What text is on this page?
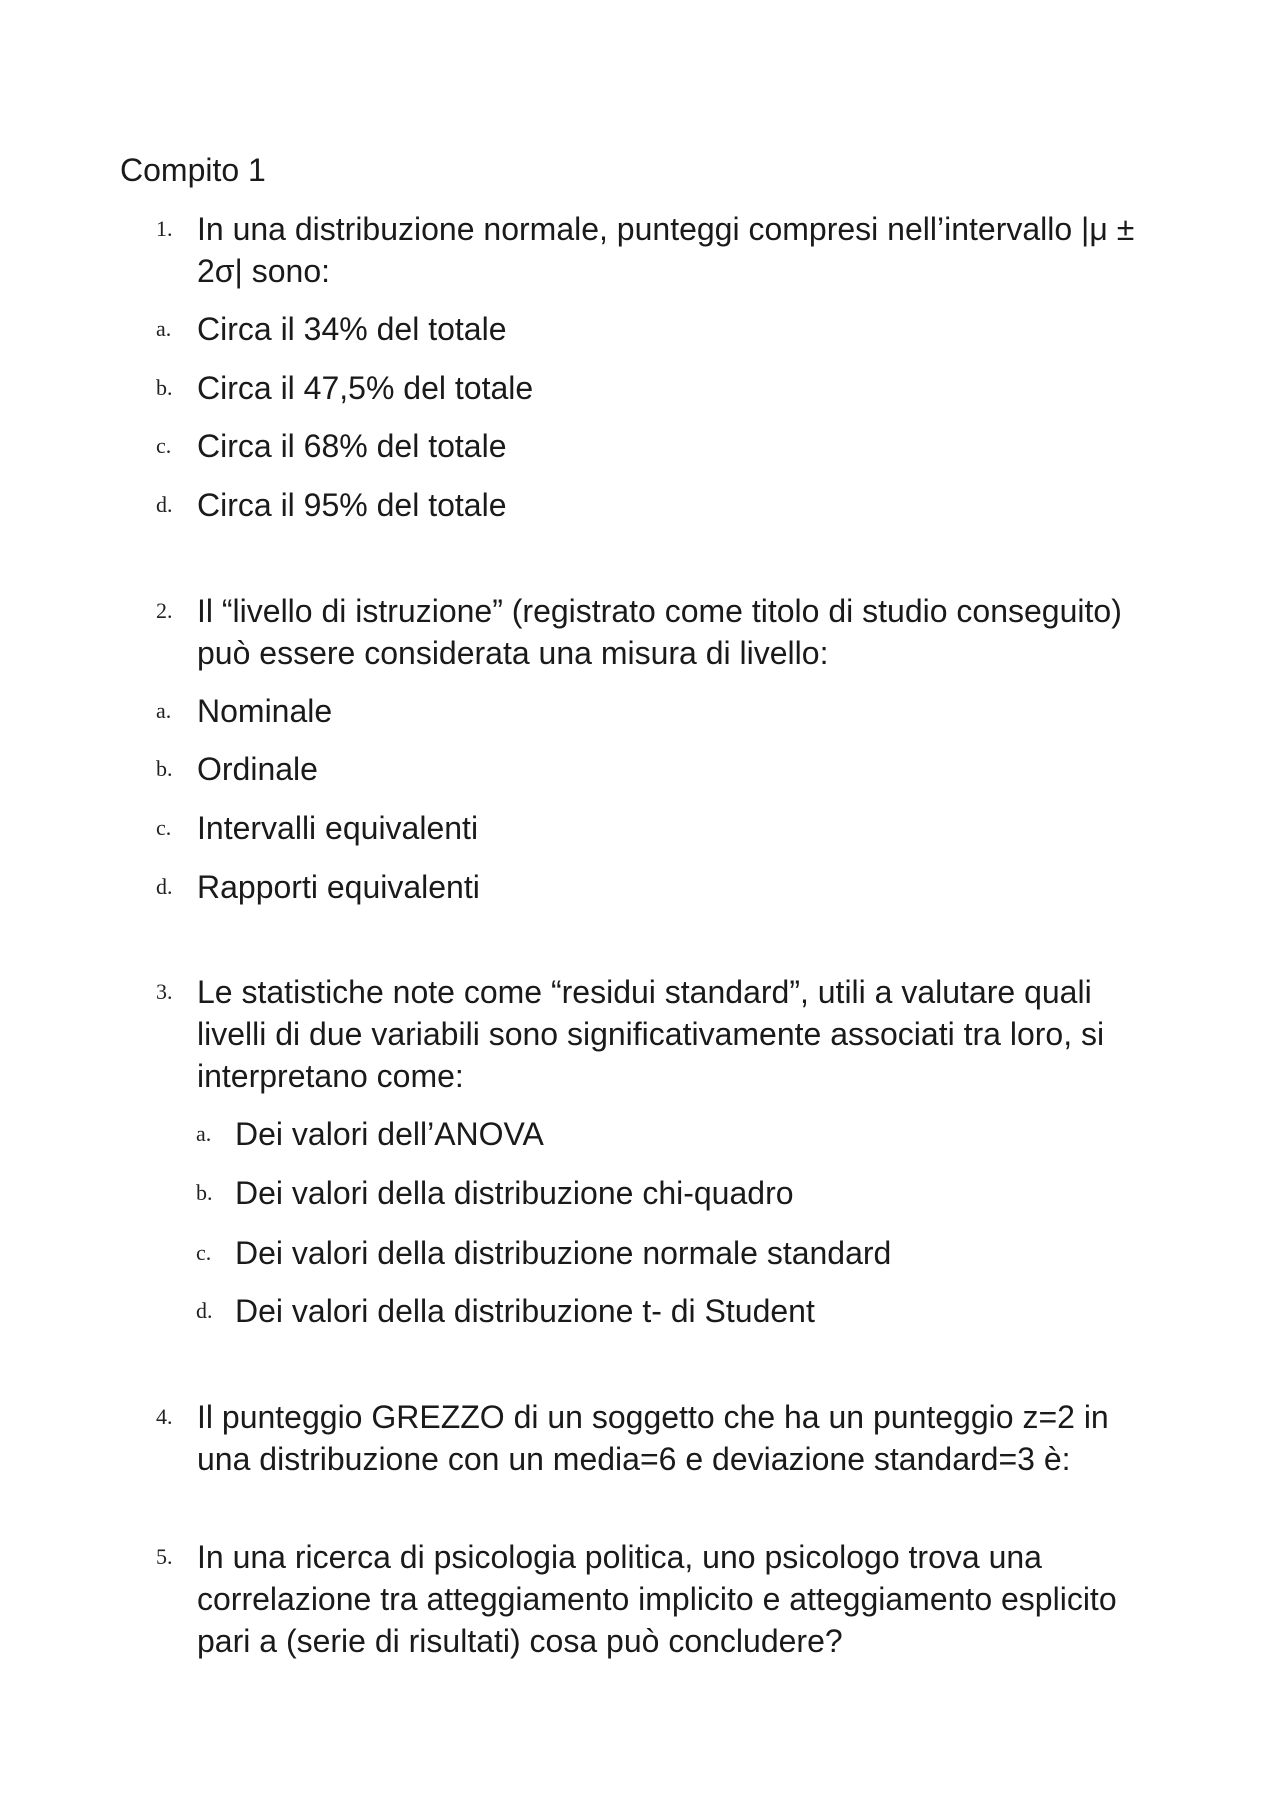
Compito 1
1. In una distribuzione normale, punteggi compresi nell’intervallo |μ ± 2σ| sono:
a. Circa il 34% del totale
b. Circa il 47,5% del totale
c. Circa il 68% del totale
d. Circa il 95% del totale
2. Il “livello di istruzione” (registrato come titolo di studio conseguito) può essere considerata una misura di livello:
a. Nominale
b. Ordinale
c. Intervalli equivalenti
d. Rapporti equivalenti
3. Le statistiche note come “residui standard”, utili a valutare quali livelli di due variabili sono significativamente associati tra loro, si interpretano come:
a. Dei valori dell’ANOVA
b. Dei valori della distribuzione chi-quadro
c. Dei valori della distribuzione normale standard
d. Dei valori della distribuzione t- di Student
4. Il punteggio GREZZO di un soggetto che ha un punteggio z=2 in una distribuzione con un media=6 e deviazione standard=3 è:
5. In una ricerca di psicologia politica, uno psicologo trova una correlazione tra atteggiamento implicito e atteggiamento esplicito pari a (serie di risultati) cosa può concludere?
